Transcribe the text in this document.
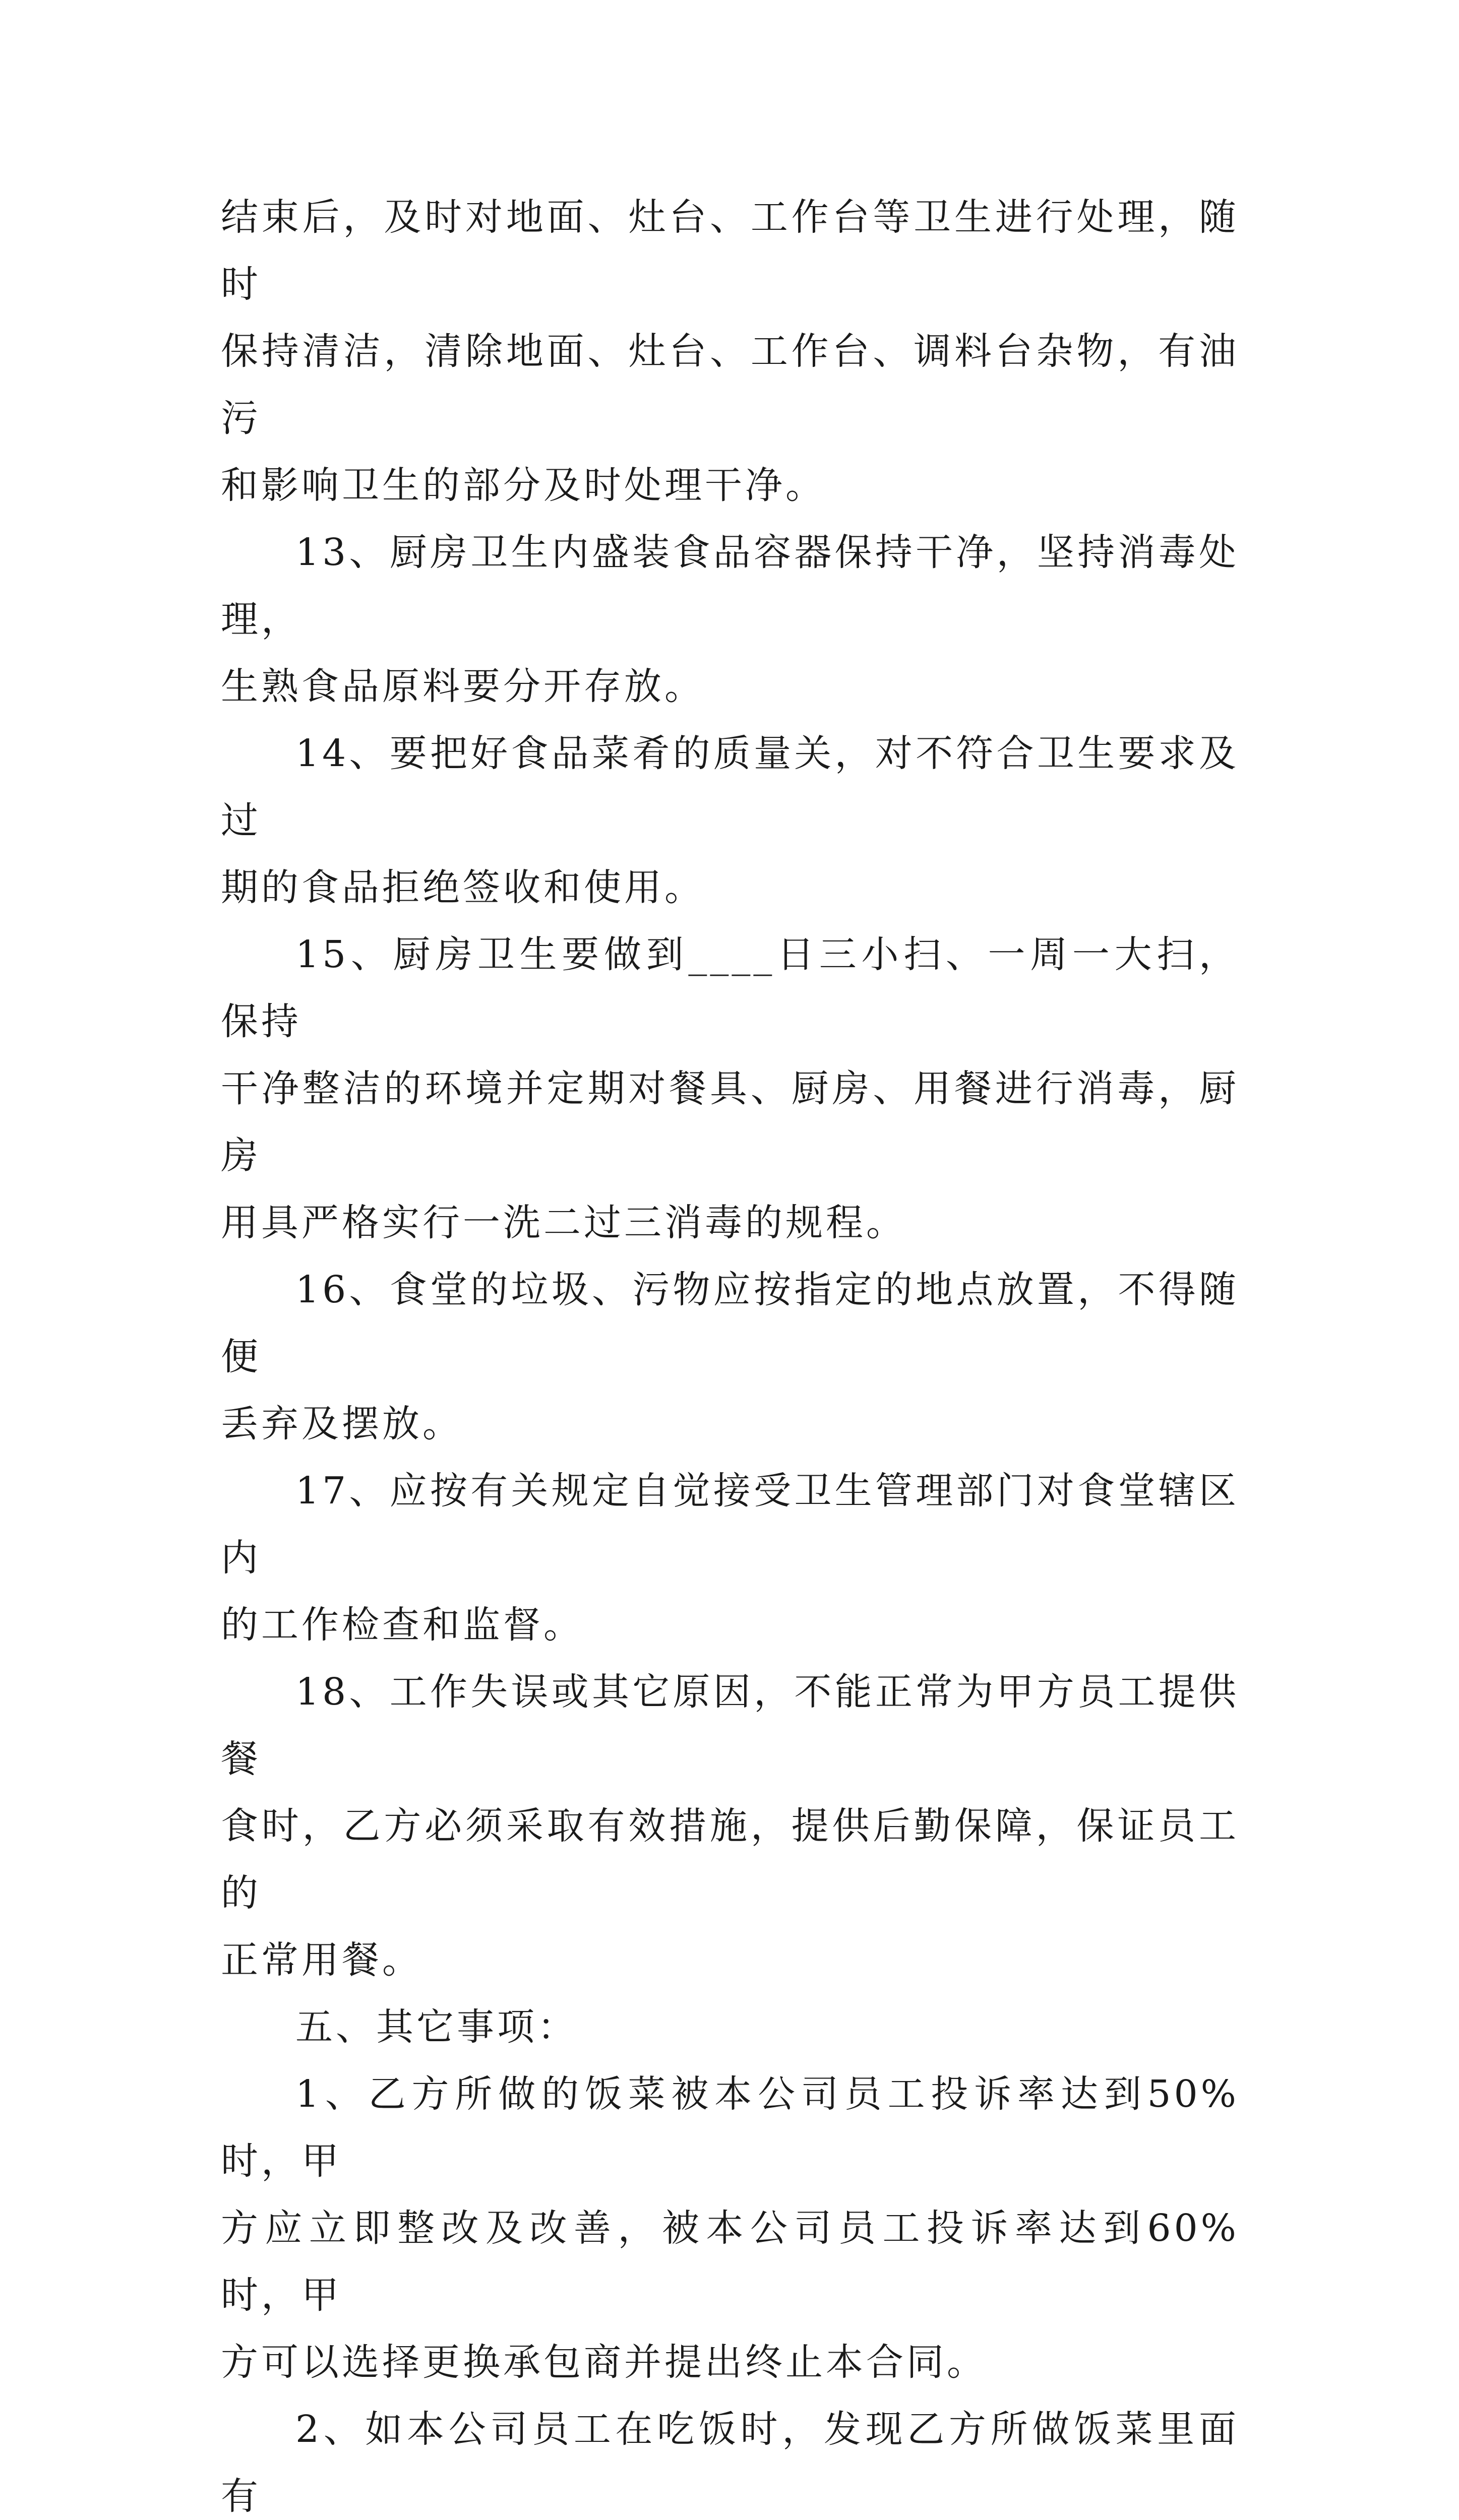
结束后，及时对地面、灶台、工作台等卫生进行处理，随时
保持清洁，清除地面、灶台、工作台、调料台杂物，有油污
和影响卫生的部分及时处理干净。

13、厨房卫生内盛装食品容器保持干净，坚持消毒处理，
生熟食品原料要分开存放。

14、要把好食品菜肴的质量关，对不符合卫生要求及过
期的食品拒绝签收和使用。

15、厨房卫生要做到____日三小扫、一周一大扫，保持
干净整洁的环境并定期对餐具、厨房、用餐进行消毒，厨房
用具严格实行一洗二过三消毒的规程。

16、食堂的垃圾、污物应按指定的地点放置，不得随便
丢弃及摆放。

17、应按有关规定自觉接受卫生管理部门对食堂辖区内
的工作检查和监督。

18、工作失误或其它原因，不能正常为甲方员工提供餐
食时，乙方必须采取有效措施，提供后勤保障，保证员工的
正常用餐。

五、其它事项：

1、乙方所做的饭菜被本公司员工投诉率达到50%时，甲
方应立即整改及改善，被本公司员工投诉率达到60%时，甲
方可以选择更换承包商并提出终止本合同。

2、如本公司员工在吃饭时，发现乙方所做饭菜里面有
